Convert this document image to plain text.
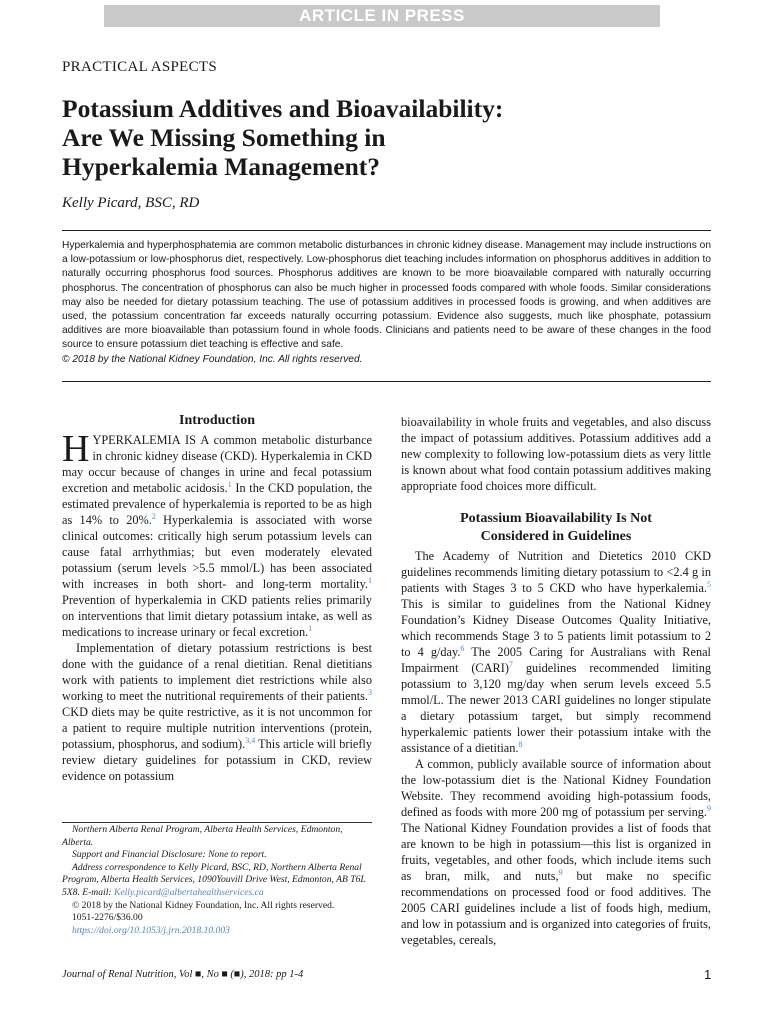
ARTICLE IN PRESS
PRACTICAL ASPECTS
Potassium Additives and Bioavailability:
Are We Missing Something in
Hyperkalemia Management?
Kelly Picard, BSC, RD

Hyperkalemia and hyperphosphatemia are common metabolic disturbances in chronic kidney disease. Management may include instructions on a low-potassium or low-phosphorus diet, respectively. Low-phosphorus diet teaching includes information on phosphorus additives in addition to naturally occurring phosphorus food sources. Phosphorus additives are known to be more bioavailable compared with naturally occurring phosphorus. The concentration of phosphorus can also be much higher in processed foods compared with whole foods. Similar considerations may also be needed for dietary potassium teaching. The use of potassium additives in processed foods is growing, and when additives are used, the potassium concentration far exceeds naturally occurring potassium. Evidence also suggests, much like phosphate, potassium additives are more bioavailable than potassium found in whole foods. Clinicians and patients need to be aware of these changes in the food source to ensure potassium diet teaching is effective and safe.

© 2018 by the National Kidney Foundation, Inc. All rights reserved.

Introduction

HYPERKALEMIA IS A common metabolic disturbance in chronic kidney disease (CKD). Hyperkalemia in CKD may occur because of changes in urine and fecal potassium excretion and metabolic acidosis.$^1$ In the CKD population, the estimated prevalence of hyperkalemia is reported to be as high as 14% to 20%.$^2$ Hyperkalemia is associated with worse clinical outcomes: critically high serum potassium levels can cause fatal arrhythmias; but even moderately elevated potassium (serum levels >5.5 mmol/L) has been associated with increases in both short- and long-term mortality.$^1$ Prevention of hyperkalemia in CKD patients relies primarily on interventions that limit dietary potassium intake, as well as medications to increase urinary or fecal excretion.$^1$

Implementation of dietary potassium restrictions is best done with the guidance of a renal dietitian. Renal dietitians work with patients to implement diet restrictions while also working to meet the nutritional requirements of their patients.$^3$ CKD diets may be quite restrictive, as it is not uncommon for a patient to require multiple nutrition interventions (protein, potassium, phosphorus, and sodium).$^{3,4}$ This article will briefly review dietary guidelines for potassium in CKD, review evidence on potassium

Northern Alberta Renal Program, Alberta Health Services, Edmonton, Alberta.

Support and Financial Disclosure: None to report.

Address correspondence to Kelly Picard, BSC, RD, Northern Alberta Renal Program, Alberta Health Services, 1090Youvill Drive West, Edmonton, AB T6L 5X8. E-mail: Kelly.picard@albertahealthservices.ca

© 2018 by the National Kidney Foundation, Inc. All rights reserved.

1051-2276/$36.00

https://doi.org/10.1053/j.jrn.2018.10.003

bioavailability in whole fruits and vegetables, and also discuss the impact of potassium additives. Potassium additives add a new complexity to following low-potassium diets as very little is known about what food contain potassium additives making appropriate food choices more difficult.

Potassium Bioavailability Is Not
Considered in Guidelines

The Academy of Nutrition and Dietetics 2010 CKD guidelines recommends limiting dietary potassium to <2.4 g in patients with Stages 3 to 5 CKD who have hyperkalemia.$^5$ This is similar to guidelines from the National Kidney Foundation’s Kidney Disease Outcomes Quality Initiative, which recommends Stage 3 to 5 patients limit potassium to 2 to 4 g/day.$^6$ The 2005 Caring for Australians with Renal Impairment (CARI)$^7$ guidelines recommended limiting potassium to 3,120 mg/day when serum levels exceed 5.5 mmol/L. The newer 2013 CARI guidelines no longer stipulate a dietary potassium target, but simply recommend hyperkalemic patients lower their potassium intake with the assistance of a dietitian.$^8$

A common, publicly available source of information about the low-potassium diet is the National Kidney Foundation Website. They recommend avoiding high-potassium foods, defined as foods with more 200 mg of potassium per serving.$^9$ The National Kidney Foundation provides a list of foods that are known to be high in potassium—this list is organized in fruits, vegetables, and other foods, which include items such as bran, milk, and nuts,$^9$ but make no specific recommendations on processed food or food additives. The 2005 CARI guidelines include a list of foods high, medium, and low in potassium and is organized into categories of fruits, vegetables, cereals,

Journal of Renal Nutrition, Vol ■, No ■ (■), 2018: pp 1-4	1
